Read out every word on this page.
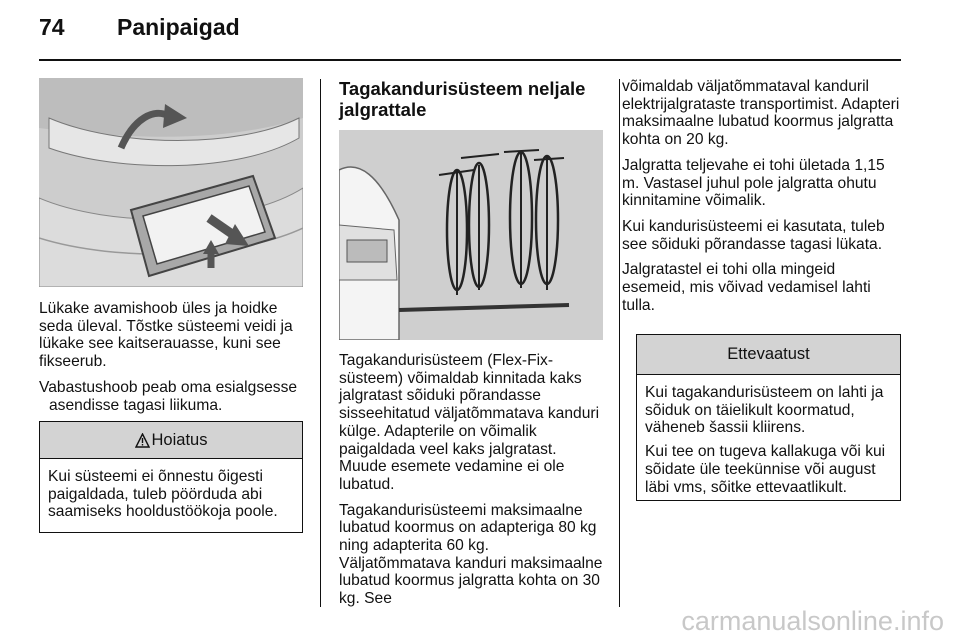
74 Panipaigad

Lükake avamishoob üles ja hoidke seda üleval. Tõstke süsteemi veidi ja lükake see kaitserauasse, kuni see fikseerub.

Vabastushoob peab oma esialgsesse asendisse tagasi liikuma.

Hoiatus
Kui süsteemi ei õnnestu õigesti paigaldada, tuleb pöörduda abi saamiseks hooldustöökoja poole.
Tagakandurisüsteem neljale jalgrattale

Tagakandurisüsteem (Flex-Fix-süsteem) võimaldab kinnitada kaks jalgratast sõiduki põrandasse sisseehitatud väljatõmmatava kanduri külge. Adapterile on võimalik paigaldada veel kaks jalgratast. Muude esemete vedamine ei ole lubatud.

Tagakandurisüsteemi maksimaalne lubatud koormus on adapteriga 80 kg ning adapterita 60 kg. Väljatõmmatava kanduri maksimaalne lubatud koormus jalgratta kohta on 30 kg. See

võimaldab väljatõmmataval kanduril elektrijalgrataste transportimist. Adapteri maksimaalne lubatud koormus jalgratta kohta on 20 kg.

Jalgratta teljevahe ei tohi ületada 1,15 m. Vastasel juhul pole jalgratta ohutu kinnitamine võimalik.

Kui kandurisüsteemi ei kasutata, tuleb see sõiduki põrandasse tagasi lükata.

Jalgratastel ei tohi olla mingeid esemeid, mis võivad vedamisel lahti tulla.

Ettevaatust

Kui tagakandurisüsteem on lahti ja sõiduk on täielikult koormatud, väheneb šassii kliirens.

Kui tee on tugeva kallakuga või kui sõidate üle teekünnise või august läbi vms, sõitke ettevaatlikult.

carmanualsonline.info
